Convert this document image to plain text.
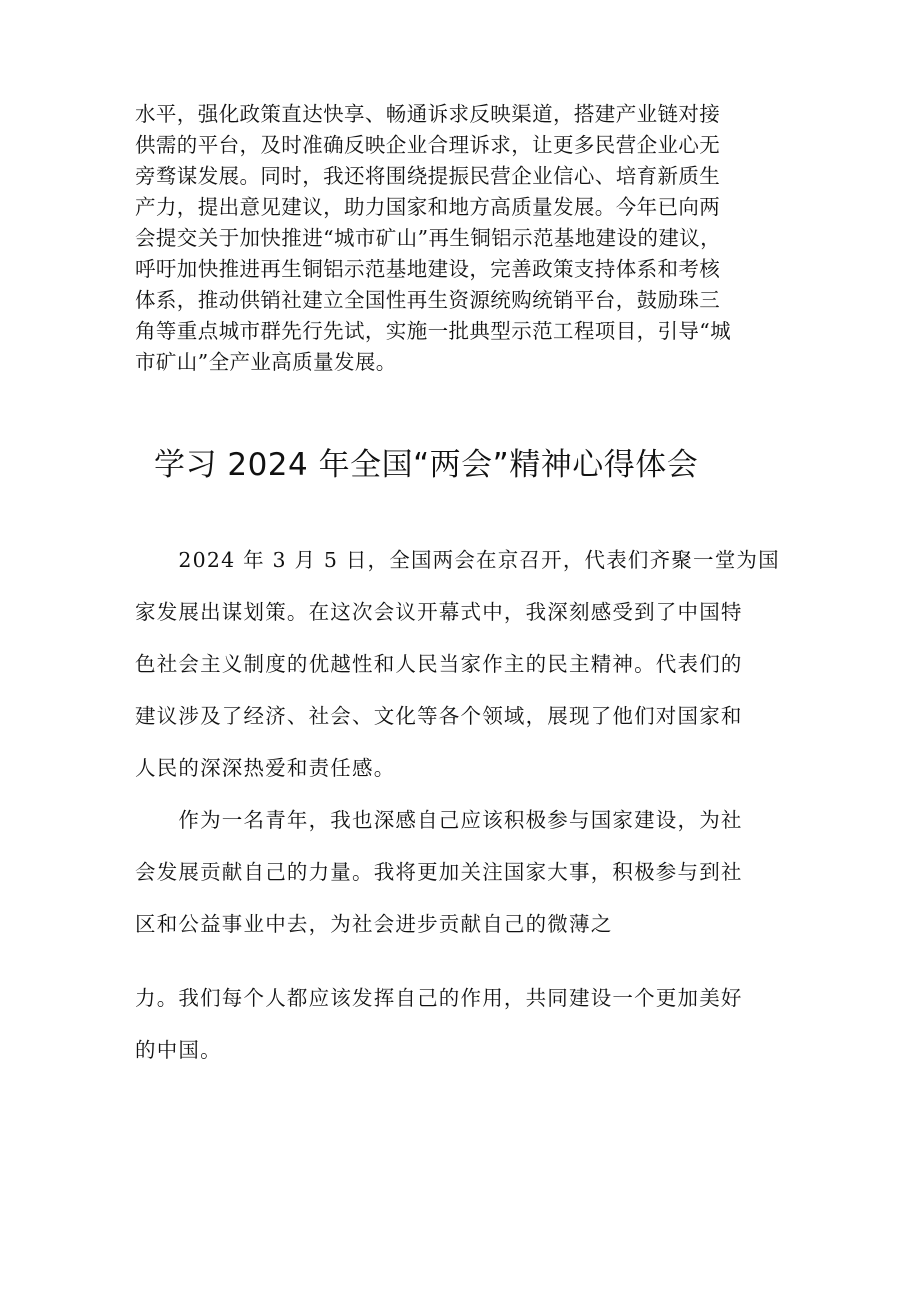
水平，强化政策直达快享、畅通诉求反映渠道，搭建产业链对接
供需的平台，及时准确反映企业合理诉求，让更多民营企业心无
旁骛谋发展。同时，我还将围绕提振民营企业信心、培育新质生
产力，提出意见建议，助力国家和地方高质量发展。今年已向两
会提交关于加快推进“城市矿山”再生铜铝示范基地建设的建议，
呼吁加快推进再生铜铝示范基地建设，完善政策支持体系和考核
体系，推动供销社建立全国性再生资源统购统销平台，鼓励珠三
角等重点城市群先行先试，实施一批典型示范工程项目，引导“城
市矿山”全产业高质量发展。
学习 2024 年全国“两会”精神心得体会
　　2024 年 3 月 5 日，全国两会在京召开，代表们齐聚一堂为国
家发展出谋划策。在这次会议开幕式中，我深刻感受到了中国特
色社会主义制度的优越性和人民当家作主的民主精神。代表们的
建议涉及了经济、社会、文化等各个领域，展现了他们对国家和
人民的深深热爱和责任感。
　　作为一名青年，我也深感自己应该积极参与国家建设，为社
会发展贡献自己的力量。我将更加关注国家大事，积极参与到社
区和公益事业中去，为社会进步贡献自己的微薄之
力。我们每个人都应该发挥自己的作用，共同建设一个更加美好
的中国。
